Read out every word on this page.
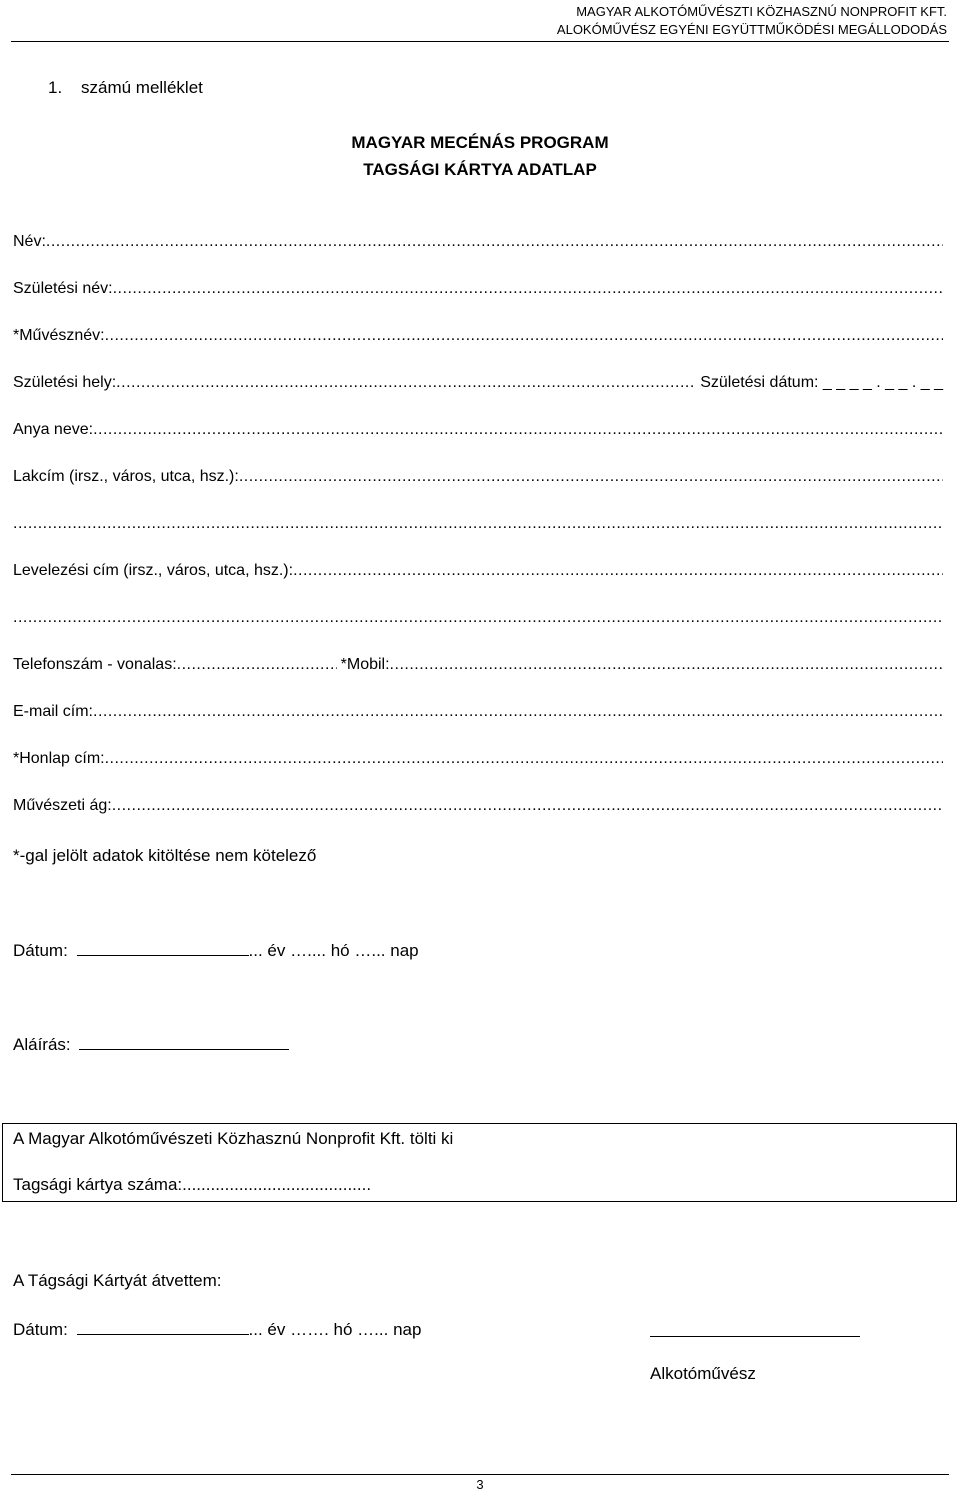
MAGYAR ALKOTÓMŰVÉSZTI KÖZHASZNÚ NONPROFIT KFT.
ALOKÓMŰVÉSZ EGYÉNI EGYÜTTMŰKÖDÉSI MEGÁLLODODÁS
1. számú melléklet
MAGYAR MECÉNÁS PROGRAM
TAGSÁGI KÁRTYA ADATLAP
Név:
.....
Születési név:
.....
*Művésznév:
.....
Születési hely: .....	Születési dátum: _ _ _ _ . _ _ . _ _
Anya neve:
.....
Lakcím (irsz., város, utca, hsz.):
.....
.....
Levelezési cím (irsz., város, utca, hsz.):
.....
.....
Telefonszám - vonalas: .....	*Mobil:
.....
E-mail cím:
.....
*Honlap cím:
.....
Művészeti ág:
.....
*-gal jelölt adatok kitöltése nem kötelező
Dátum:	... év ….... hó …... nap
Aláírás:
A Magyar Alkotóművészeti Közhasznú Nonprofit Kft. tölti ki
Tagsági kártya száma:........................................
A Tágsági Kártyát átvettem:
Dátum:	... év ……. hó …... nap
Alkotóművész
3
